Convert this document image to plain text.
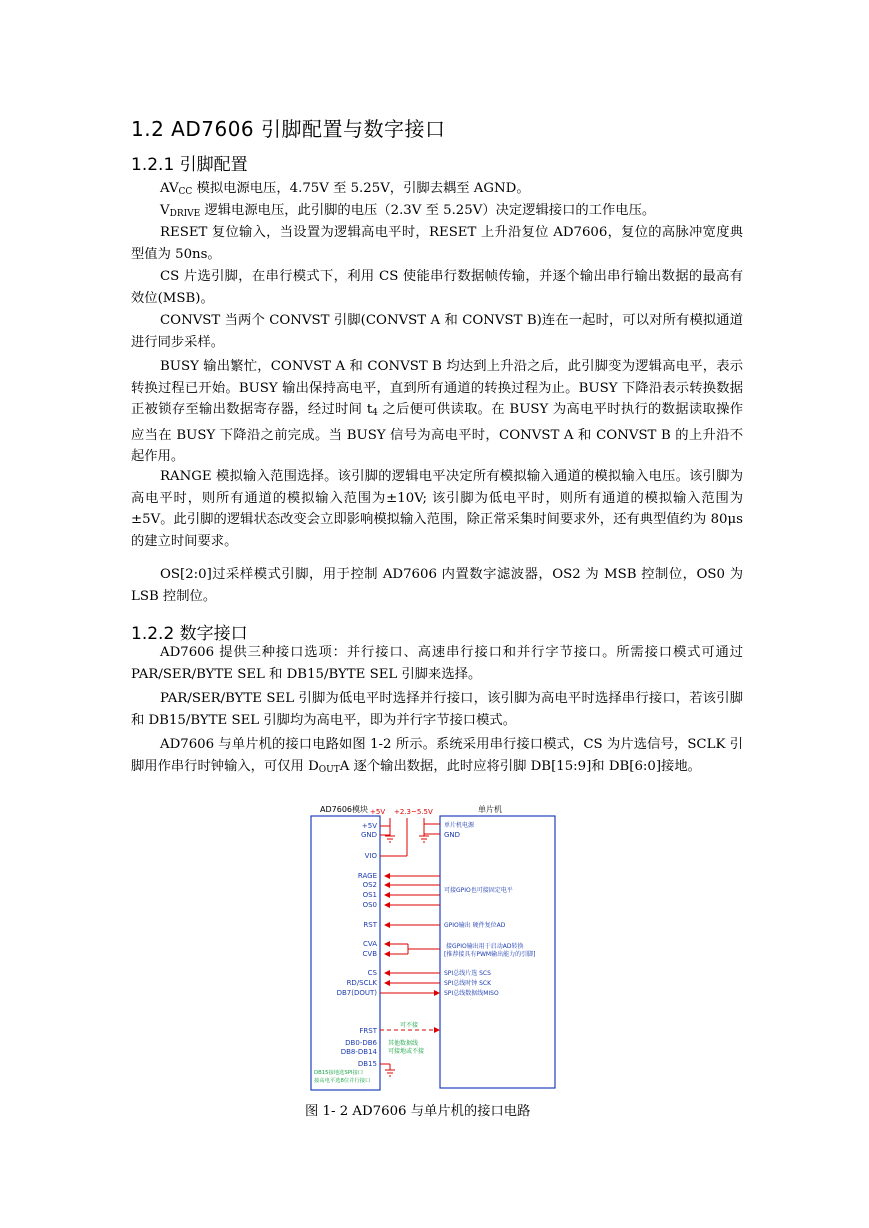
1.2 AD7606 引脚配置与数字接口
1.2.1 引脚配置

$AV_{CC}$ 模拟电源电压，4.75V 至 5.25V，引脚去耦至 AGND。

$V_{DRIVE}$ 逻辑电源电压，此引脚的电压（2.3V 至 5.25V）决定逻辑接口的工作电压。

RESET 复位输入，当设置为逻辑高电平时，RESET 上升沿复位 AD7606，复位的高脉冲宽度典型值为 50ns。

CS 片选引脚，在串行模式下，利用 CS 使能串行数据帧传输，并逐个输出串行输出数据的最高有效位(MSB)。

CONVST 当两个 CONVST 引脚(CONVST A 和 CONVST B)连在一起时，可以对所有模拟通道进行同步采样。

BUSY 输出繁忙，CONVST A 和 CONVST B 均达到上升沿之后，此引脚变为逻辑高电平，表示转换过程已开始。BUSY 输出保持高电平，直到所有通道的转换过程为止。BUSY 下降沿表示转换数据正被锁存至输出数据寄存器，经过时间 $t_4$ 之后便可供读取。在 BUSY 为高电平时执行的数据读取操作应当在 BUSY 下降沿之前完成。当 BUSY 信号为高电平时，CONVST A 和 CONVST B 的上升沿不起作用。

RANGE 模拟输入范围选择。该引脚的逻辑电平决定所有模拟输入通道的模拟输入电压。该引脚为高电平时，则所有通道的模拟输入范围为±10V; 该引脚为低电平时，则所有通道的模拟输入范围为±5V。此引脚的逻辑状态改变会立即影响模拟输入范围，除正常采集时间要求外，还有典型值约为 80μs 的建立时间要求。

OS[2:0]过采样模式引脚，用于控制 AD7606 内置数字滤波器，OS2 为 MSB 控制位，OS0 为 LSB 控制位。

1.2.2 数字接口

AD7606 提供三种接口选项：并行接口、高速串行接口和并行字节接口。所需接口模式可通过 PAR/SER/BYTE SEL 和 DB15/BYTE SEL 引脚来选择。

PAR/SER/BYTE SEL 引脚为低电平时选择并行接口，该引脚为高电平时选择串行接口，若该引脚和 DB15/BYTE SEL 引脚均为高电平，即为并行字节接口模式。

AD7606 与单片机的接口电路如图 1-2 所示。系统采用串行接口模式，CS 为片选信号，SCLK 引脚用作串行时钟输入，可仅用 $D_{OUT}A$ 逐个输出数据，此时应将引脚 DB[15:9]和 DB[6:0]接地。

AD7606模块 +5V +2.3~5.5V	单片机
+5V
GND
VIO
RAGE
OS2
OS1
OS0
RST
CVA
CVB
CS
RD/SCLK
DB7(DOUT)
FRST
DB0-DB6
DB8-DB14
DB15
单片机电源
GND
可接GPIO也可接固定电平
GPIO输出 硬件复位AD
接GPIO输出用于启动AD转换
[推荐接具有PWM输出能力的引脚]
SPI总线片选 SCS
SPI总线时钟 SCK
SPI总线数据线MISO
可不接
其他数据线
可接地或不接
DB15接地选SPI接口
接高电平选8位并行接口
图 1- 2 AD7606 与单片机的接口电路
